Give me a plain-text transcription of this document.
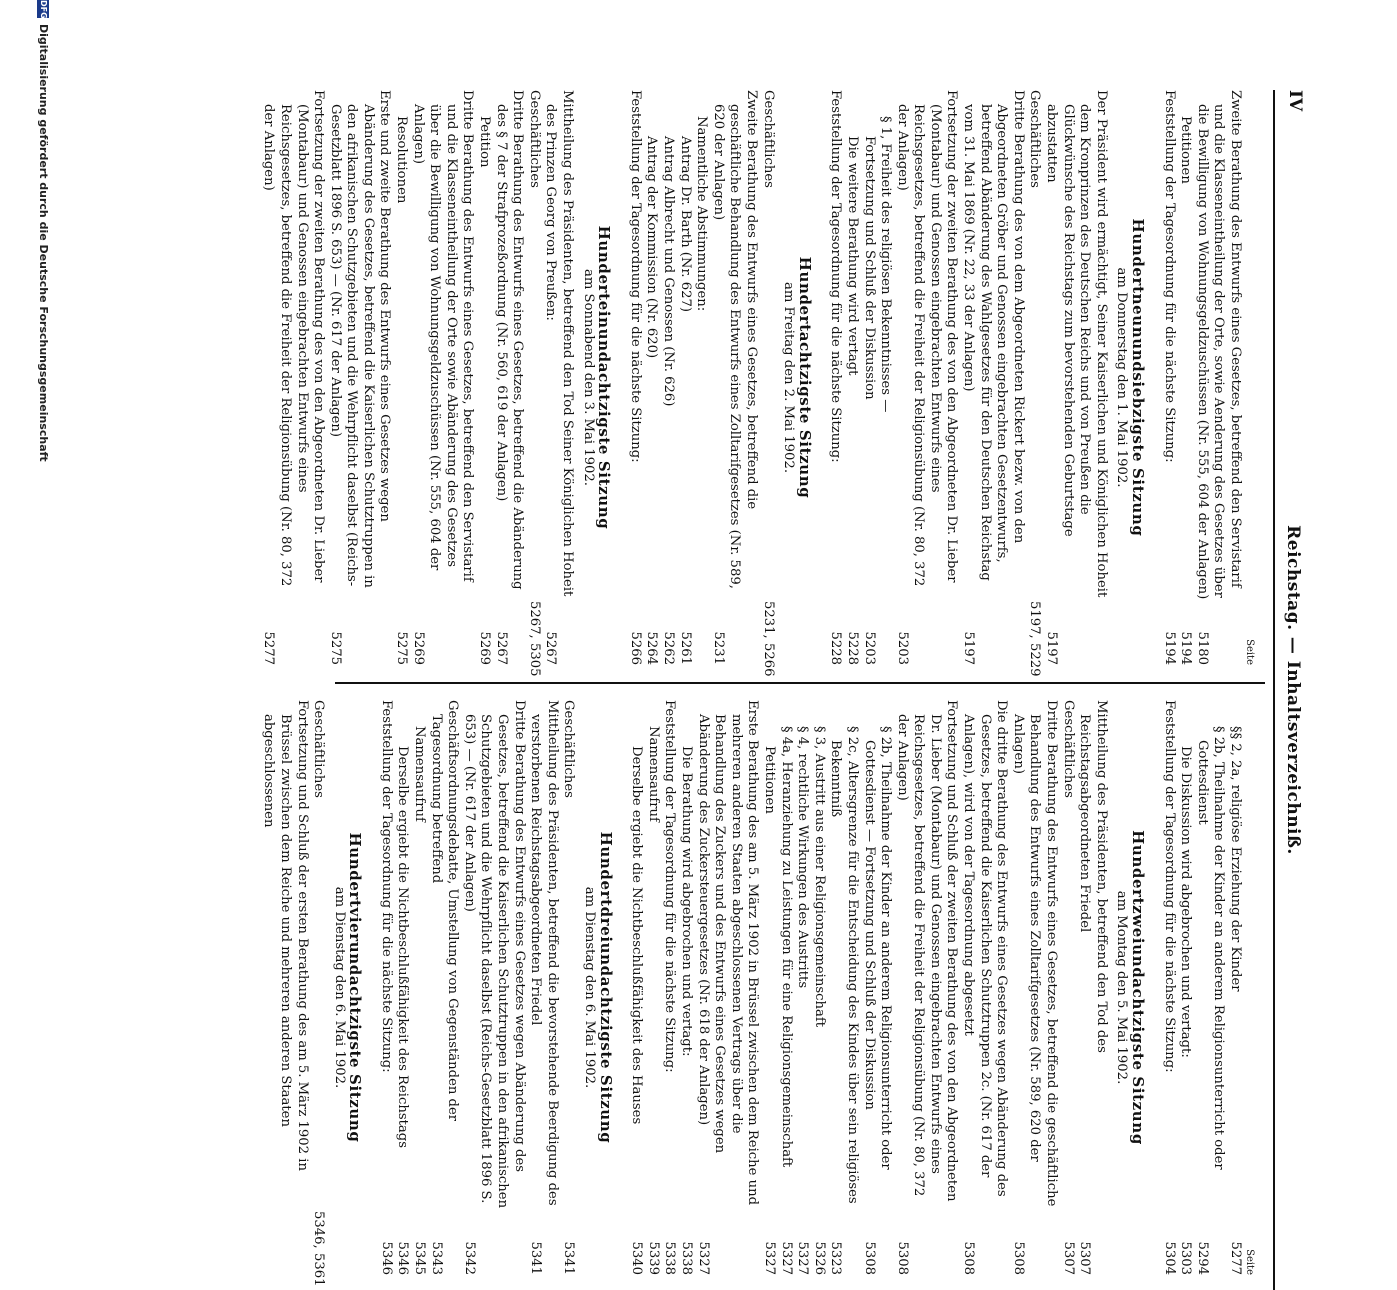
IV
Reichstag. — Inhaltsverzeichniß.
Seite
Zweite Berathung des Entwurfs eines Gesetzes, betreffend den Servistarif und die Klasseneintheilung der Orte, sowie Aenderung des Gesetzes über die Bewilligung von Wohnungsgeldzuschüssen (Nr. 555, 604 der Anlagen)
5180
Petitionen
5194
Feststellung der Tagesordnung für die nächste Sitzung:
5194
Hundertneunundsiebzigste Sitzung
am Donnerstag den 1. Mai 1902.
Der Präsident wird ermächtigt, Seiner Kaiserlichen und Königlichen Hoheit dem Kronprinzen des Deutschen Reichs und von Preußen die Glückwünsche des Reichstags zum bevorstehenden Geburtstage abzustatten
5197
Geschäftliches
5197, 5229
Dritte Berathung des von dem Abgeordneten Rickert bezw. von den Abgeordneten Gröber und Genossen eingebrachten Gesetzentwurfs, betreffend Abänderung des Wahlgesetzes für den Deutschen Reichstag vom 31. Mai 1869 (Nr. 22, 33 der Anlagen)
5197
Fortsetzung der zweiten Berathung des von den Abgeordneten Dr. Lieber (Montabaur) und Genossen eingebrachten Entwurfs eines Reichsgesetzes, betreffend die Freiheit der Religionsübung (Nr. 80, 372 der Anlagen)
5203
§ 1, Freiheit des religiösen Bekenntnisses —
Fortsetzung und Schluß der Diskussion
5203
Die weitere Berathung wird vertagt
5228
Feststellung der Tagesordnung für die nächste Sitzung:
5228
Hundertachtzigste Sitzung
am Freitag den 2. Mai 1902.
Geschäftliches
5231, 5266
Zweite Berathung des Entwurfs eines Gesetzes, betreffend die geschäftliche Behandlung des Entwurfs eines Zolltarifgesetzes (Nr. 589, 620 der Anlagen)
5231
Namentliche Abstimmungen:
Antrag Dr. Barth (Nr. 627)
5261
Antrag Albrecht und Genossen (Nr. 626)
5262
Antrag der Kommission (Nr. 620)
5264
Feststellung der Tagesordnung für die nächste Sitzung:
5266
Hunderteinundachtzigste Sitzung
am Sonnabend den 3. Mai 1902.
Mittheilung des Präsidenten, betreffend den Tod Seiner Königlichen Hoheit des Prinzen Georg von Preußen:
5267
Geschäftliches
5267, 5305
Dritte Berathung des Entwurfs eines Gesetzes, betreffend die Abänderung des § 7 der Strafprozeßordnung (Nr. 560, 619 der Anlagen)
5267
Petition
5269
Dritte Berathung des Entwurfs eines Gesetzes, betreffend den Servistarif und die Klasseneintheilung der Orte sowie Abänderung des Gesetzes über die Bewilligung von Wohnungsgeldzuschüssen (Nr. 555, 604 der Anlagen)
5269
Resolutionen
5275
Erste und zweite Berathung des Entwurfs eines Gesetzes wegen Abänderung des Gesetzes, betreffend die Kaiserlichen Schutztruppen in den afrikanischen Schutzgebieten und die Wehrpflicht daselbst (Reichs-Gesetzblatt 1896 S. 653) — (Nr. 617 der Anlagen)
5275
Fortsetzung der zweiten Berathung des von den Abgeordneten Dr. Lieber (Montabaur) und Genossen eingebrachten Entwurfs eines Reichsgesetzes, betreffend die Freiheit der Religionsübung (Nr. 80, 372 der Anlagen)
5277
Seite
§§ 2, 2a, religiöse Erziehung der Kinder
5277
§ 2b, Theilnahme der Kinder an anderem Religionsunterricht oder Gottesdienst
5294
Die Diskussion wird abgebrochen und vertagt:
5303
Feststellung der Tagesordnung für die nächste Sitzung:
5304
Hundertzweiundachtzigste Sitzung
am Montag den 5. Mai 1902.
Mittheilung des Präsidenten, betreffend den Tod des Reichstagsabgeordneten Friedel
5307
Geschäftliches
5307
Dritte Berathung des Entwurfs eines Gesetzes, betreffend die geschäftliche Behandlung des Entwurfs eines Zolltarifgesetzes (Nr. 589, 620 der Anlagen)
5308
Die dritte Berathung des Entwurfs eines Gesetzes wegen Abänderung des Gesetzes, betreffend die Kaiserlichen Schutztruppen 2c. (Nr. 617 der Anlagen), wird von der Tagesordnung abgesetzt
5308
Fortsetzung und Schluß der zweiten Berathung des von den Abgeordneten Dr. Lieber (Montabaur) und Genossen eingebrachten Entwurfs eines Reichsgesetzes, betreffend die Freiheit der Religionsübung (Nr. 80, 372 der Anlagen)
5308
§ 2b, Theilnahme der Kinder an anderem Religionsunterricht oder Gottesdienst — Fortsetzung und Schluß der Diskussion
5308
§ 2c, Altersgrenze für die Entscheidung des Kindes über sein religiöses Bekenntniß
5323
§ 3, Austritt aus einer Religionsgemeinschaft
5326
§ 4, rechtliche Wirkungen des Austritts
5327
§ 4a, Heranziehung zu Leistungen für eine Religionsgemeinschaft
5327
Petitionen
5327
Erste Berathung des am 5. März 1902 in Brüssel zwischen dem Reiche und mehreren anderen Staaten abgeschlossenen Vertrags über die Behandlung des Zuckers und des Entwurfs eines Gesetzes wegen Abänderung des Zuckersteuergesetzes (Nr. 618 der Anlagen)
5327
Die Berathung wird abgebrochen und vertagt:
5338
Feststellung der Tagesordnung für die nächste Sitzung:
5338
Namensaufruf
5339
Derselbe ergiebt die Nichtbeschlußfähigkeit des Hauses
5340
Hundertdreiundachtzigste Sitzung
am Dienstag den 6. Mai 1902.
Geschäftliches
5341
Mittheilung des Präsidenten, betreffend die bevorstehende Beerdigung des verstorbenen Reichstagsabgeordneten Friedel
5341
Dritte Berathung des Entwurfs eines Gesetzes wegen Abänderung des Gesetzes, betreffend die Kaiserlichen Schutztruppen in den afrikanischen Schutzgebieten und die Wehrpflicht daselbst (Reichs-Gesetzblatt 1896 S. 653) — (Nr. 617 der Anlagen)
5342
Geschäftsordnungsdebatte, Umstellung von Gegenständen der Tagesordnung betreffend
5343
Namensaufruf
5345
Derselbe ergiebt die Nichtbeschlußfähigkeit des Reichstags
5346
Feststellung der Tagesordnung für die nächste Sitzung:
5346
Hundertvierundachtzigste Sitzung
am Dienstag den 6. Mai 1902.
Geschäftliches
5346, 5361
Fortsetzung und Schluß der ersten Berathung des am 5. März 1902 in Brüssel zwischen dem Reiche und mehreren anderen Staaten abgeschlossenen
DFG
Digitalisierung gefördert durch die Deutsche Forschungsgemeinschaft
